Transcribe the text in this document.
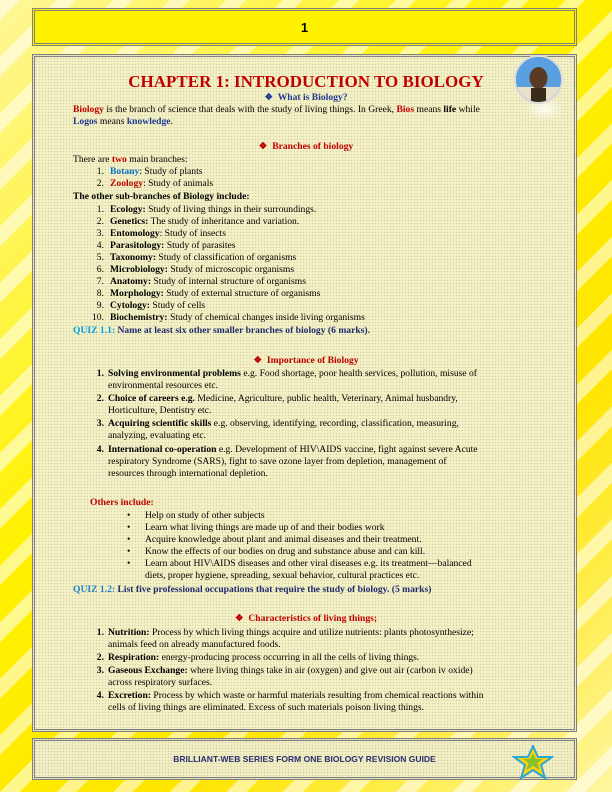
1
CHAPTER 1: INTRODUCTION TO BIOLOGY
❖ What is Biology?
Biology is the branch of science that deals with the study of living things. In Greek, Bios means life while
Logos means knowledge.
❖ Branches of biology
There are two main branches:
1. Botany: Study of plants
2. Zoology: Study of animals
The other sub-branches of Biology include:
1. Ecology: Study of living things in their surroundings.
2. Genetics: The study of inheritance and variation.
3. Entomology: Study of insects
4. Parasitology: Study of parasites
5. Taxonomy: Study of classification of organisms
6. Microbiology: Study of microscopic organisms
7. Anatomy: Study of internal structure of organisms
8. Morphology: Study of external structure of organisms
9. Cytology: Study of cells
10. Biochemistry: Study of chemical changes inside living organisms
QUIZ 1.1: Name at least six other smaller branches of biology (6 marks).
❖ Importance of Biology
1. Solving environmental problems e.g. Food shortage, poor health services, pollution, misuse of
environmental resources etc.
2. Choice of careers e.g. Medicine, Agriculture, public health, Veterinary, Animal husbandry,
Horticulture, Dentistry etc.
3. Acquiring scientific skills e.g. observing, identifying, recording, classification, measuring,
analyzing, evaluating etc.
4. International co-operation e.g. Development of HIV\AIDS vaccine, fight against severe Acute
respiratory Syndrome (SARS), fight to save ozone layer from depletion, management of
resources through international depletion.
Others include:
• Help on study of other subjects
• Learn what living things are made up of and their bodies work
• Acquire knowledge about plant and animal diseases and their treatment.
• Know the effects of our bodies on drug and substance abuse and can kill.
• Learn about HIV\AIDS diseases and other viral diseases e.g. its treatment—balanced
diets, proper hygiene, spreading, sexual behavior, cultural practices etc.
QUIZ 1.2: List five professional occupations that require the study of biology. (5 marks)
❖ Characteristics of living things;
1. Nutrition: Process by which living things acquire and utilize nutrients: plants photosynthesize;
animals feed on already manufactured foods.
2. Respiration: energy-producing process occurring in all the cells of living things.
3. Gaseous Exchange: where living things take in air (oxygen) and give out air (carbon iv oxide)
across respiratory surfaces.
4. Excretion: Process by which waste or harmful materials resulting from chemical reactions within
cells of living things are eliminated. Excess of such materials poison living things.
BRILLIANT-WEB SERIES FORM ONE BIOLOGY REVISION GUIDE
